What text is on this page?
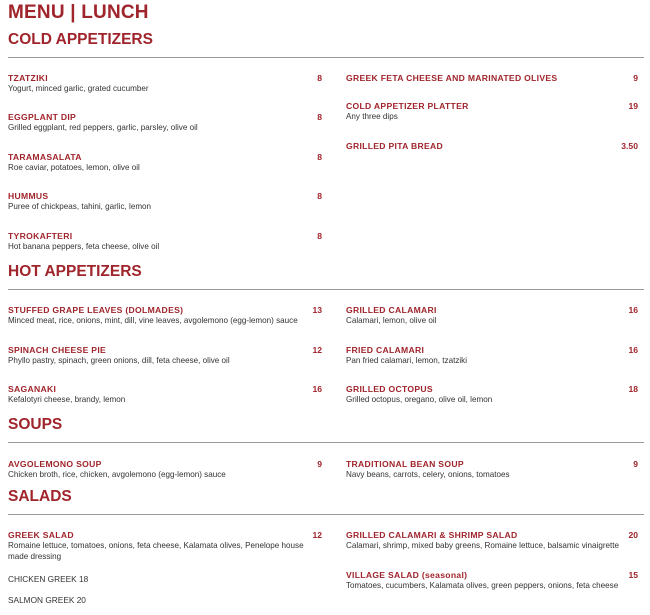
MENU | LUNCH
COLD APPETIZERS
TZATZIKI	8
Yogurt, minced garlic, grated cucumber
EGGPLANT DIP	8
Grilled eggplant, red peppers, garlic, parsley, olive oil
TARAMASALATA	8
Roe caviar, potatoes, lemon, olive oil
HUMMUS	8
Puree of chickpeas, tahini, garlic, lemon
TYROKAFTERI	8
Hot banana peppers, feta cheese, olive oil
GREEK FETA CHEESE AND MARINATED OLIVES	9
COLD APPETIZER PLATTER	19
Any three dips
GRILLED PITA BREAD	3.50
HOT APPETIZERS
STUFFED GRAPE LEAVES (DOLMADES)	13
Minced meat, rice, onions, mint, dill, vine leaves, avgolemono (egg-lemon) sauce
SPINACH CHEESE PIE	12
Phyllo pastry, spinach, green onions, dill, feta cheese, olive oil
SAGANAKI	16
Kefalotyri cheese, brandy, lemon
GRILLED CALAMARI	16
Calamari, lemon, olive oil
FRIED CALAMARI	16
Pan fried calamari, lemon, tzatziki
GRILLED OCTOPUS	18
Grilled octopus, oregano, olive oil, lemon
SOUPS
AVGOLEMONO SOUP	9
Chicken broth, rice, chicken, avgolemono (egg-lemon) sauce
TRADITIONAL BEAN SOUP	9
Navy beans, carrots, celery, onions, tomatoes
SALADS
GREEK SALAD	12
Romaine lettuce, tomatoes, onions, feta cheese, Kalamata olives, Penelope house made dressing
CHICKEN GREEK 18
SALMON GREEK 20
GRILLED CALAMARI & SHRIMP SALAD	20
Calamari, shrimp, mixed baby greens, Romaine lettuce, balsamic vinaigrette
VILLAGE SALAD (seasonal)	15
Tomatoes, cucumbers, Kalamata olives, green peppers, onions, feta cheese
